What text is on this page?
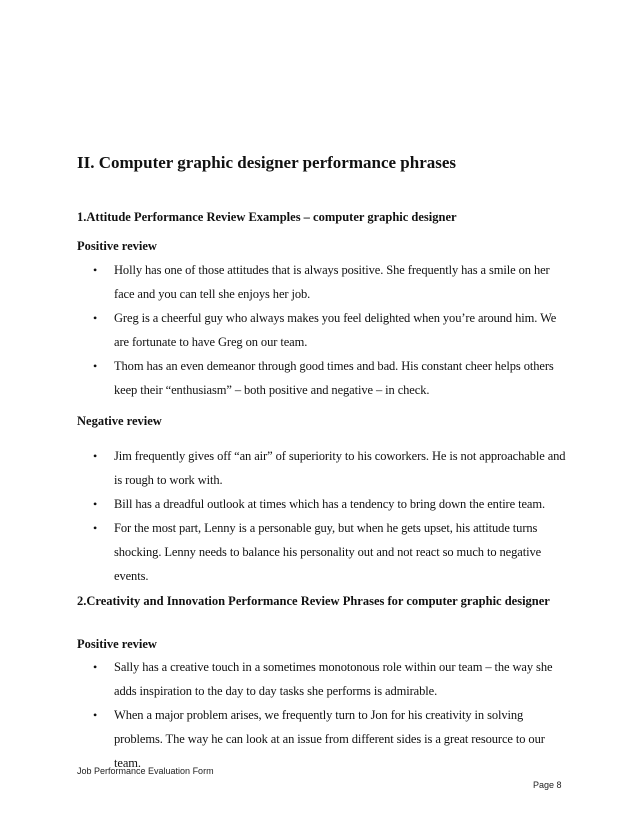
II. Computer graphic designer performance phrases
1.Attitude Performance Review Examples – computer graphic designer
Positive review
• Holly has one of those attitudes that is always positive. She frequently has a smile on her face and you can tell she enjoys her job.
• Greg is a cheerful guy who always makes you feel delighted when you’re around him. We are fortunate to have Greg on our team.
• Thom has an even demeanor through good times and bad. His constant cheer helps others keep their “enthusiasm” – both positive and negative – in check.
Negative review
• Jim frequently gives off “an air” of superiority to his coworkers. He is not approachable and is rough to work with.
• Bill has a dreadful outlook at times which has a tendency to bring down the entire team.
• For the most part, Lenny is a personable guy, but when he gets upset, his attitude turns shocking. Lenny needs to balance his personality out and not react so much to negative events.
2.Creativity and Innovation Performance Review Phrases for computer graphic designer
Positive review
• Sally has a creative touch in a sometimes monotonous role within our team – the way she adds inspiration to the day to day tasks she performs is admirable.
• When a major problem arises, we frequently turn to Jon for his creativity in solving problems. The way he can look at an issue from different sides is a great resource to our team.
Job Performance Evaluation Form
Page 8
